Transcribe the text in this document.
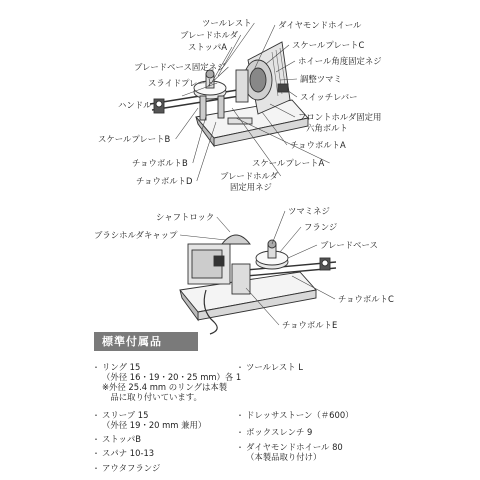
ツールレスト
ブレードホルダ
ストッパA
ブレードベース固定ネジ
スライドプレート
ハンドル
スケールプレートB
チョウボルトB
チョウボルトD	ブレードホルダ
固定用ネジ
スケールプレートA
ダイヤモンドホイール
スケールプレートC
ホイール角度固定ネジ
調整ツマミ
スイッチレバー
フロントホルダ固定用
六角ボルト
チョウボルトA
シャフトロック
ブラシホルダキャップ
ツマミネジ
フランジ
ブレードベース
チョウボルトC
チョウボルトE
標準付属品
・ リング 15
（外径 16・19・20・25 mm）各 1
※外径 25.4 mm のリングは本製
　品に取り付いています。
・ スリーブ 15
（外径 19・20 mm 兼用）
・ ストッパB
・ スパナ 10-13
・ アウタフランジ
・ ツールレスト L
・ ドレッサストーン（＃600）
・ ボックスレンチ 9
・ ダイヤモンドホイール 80
（本製品取り付け）
